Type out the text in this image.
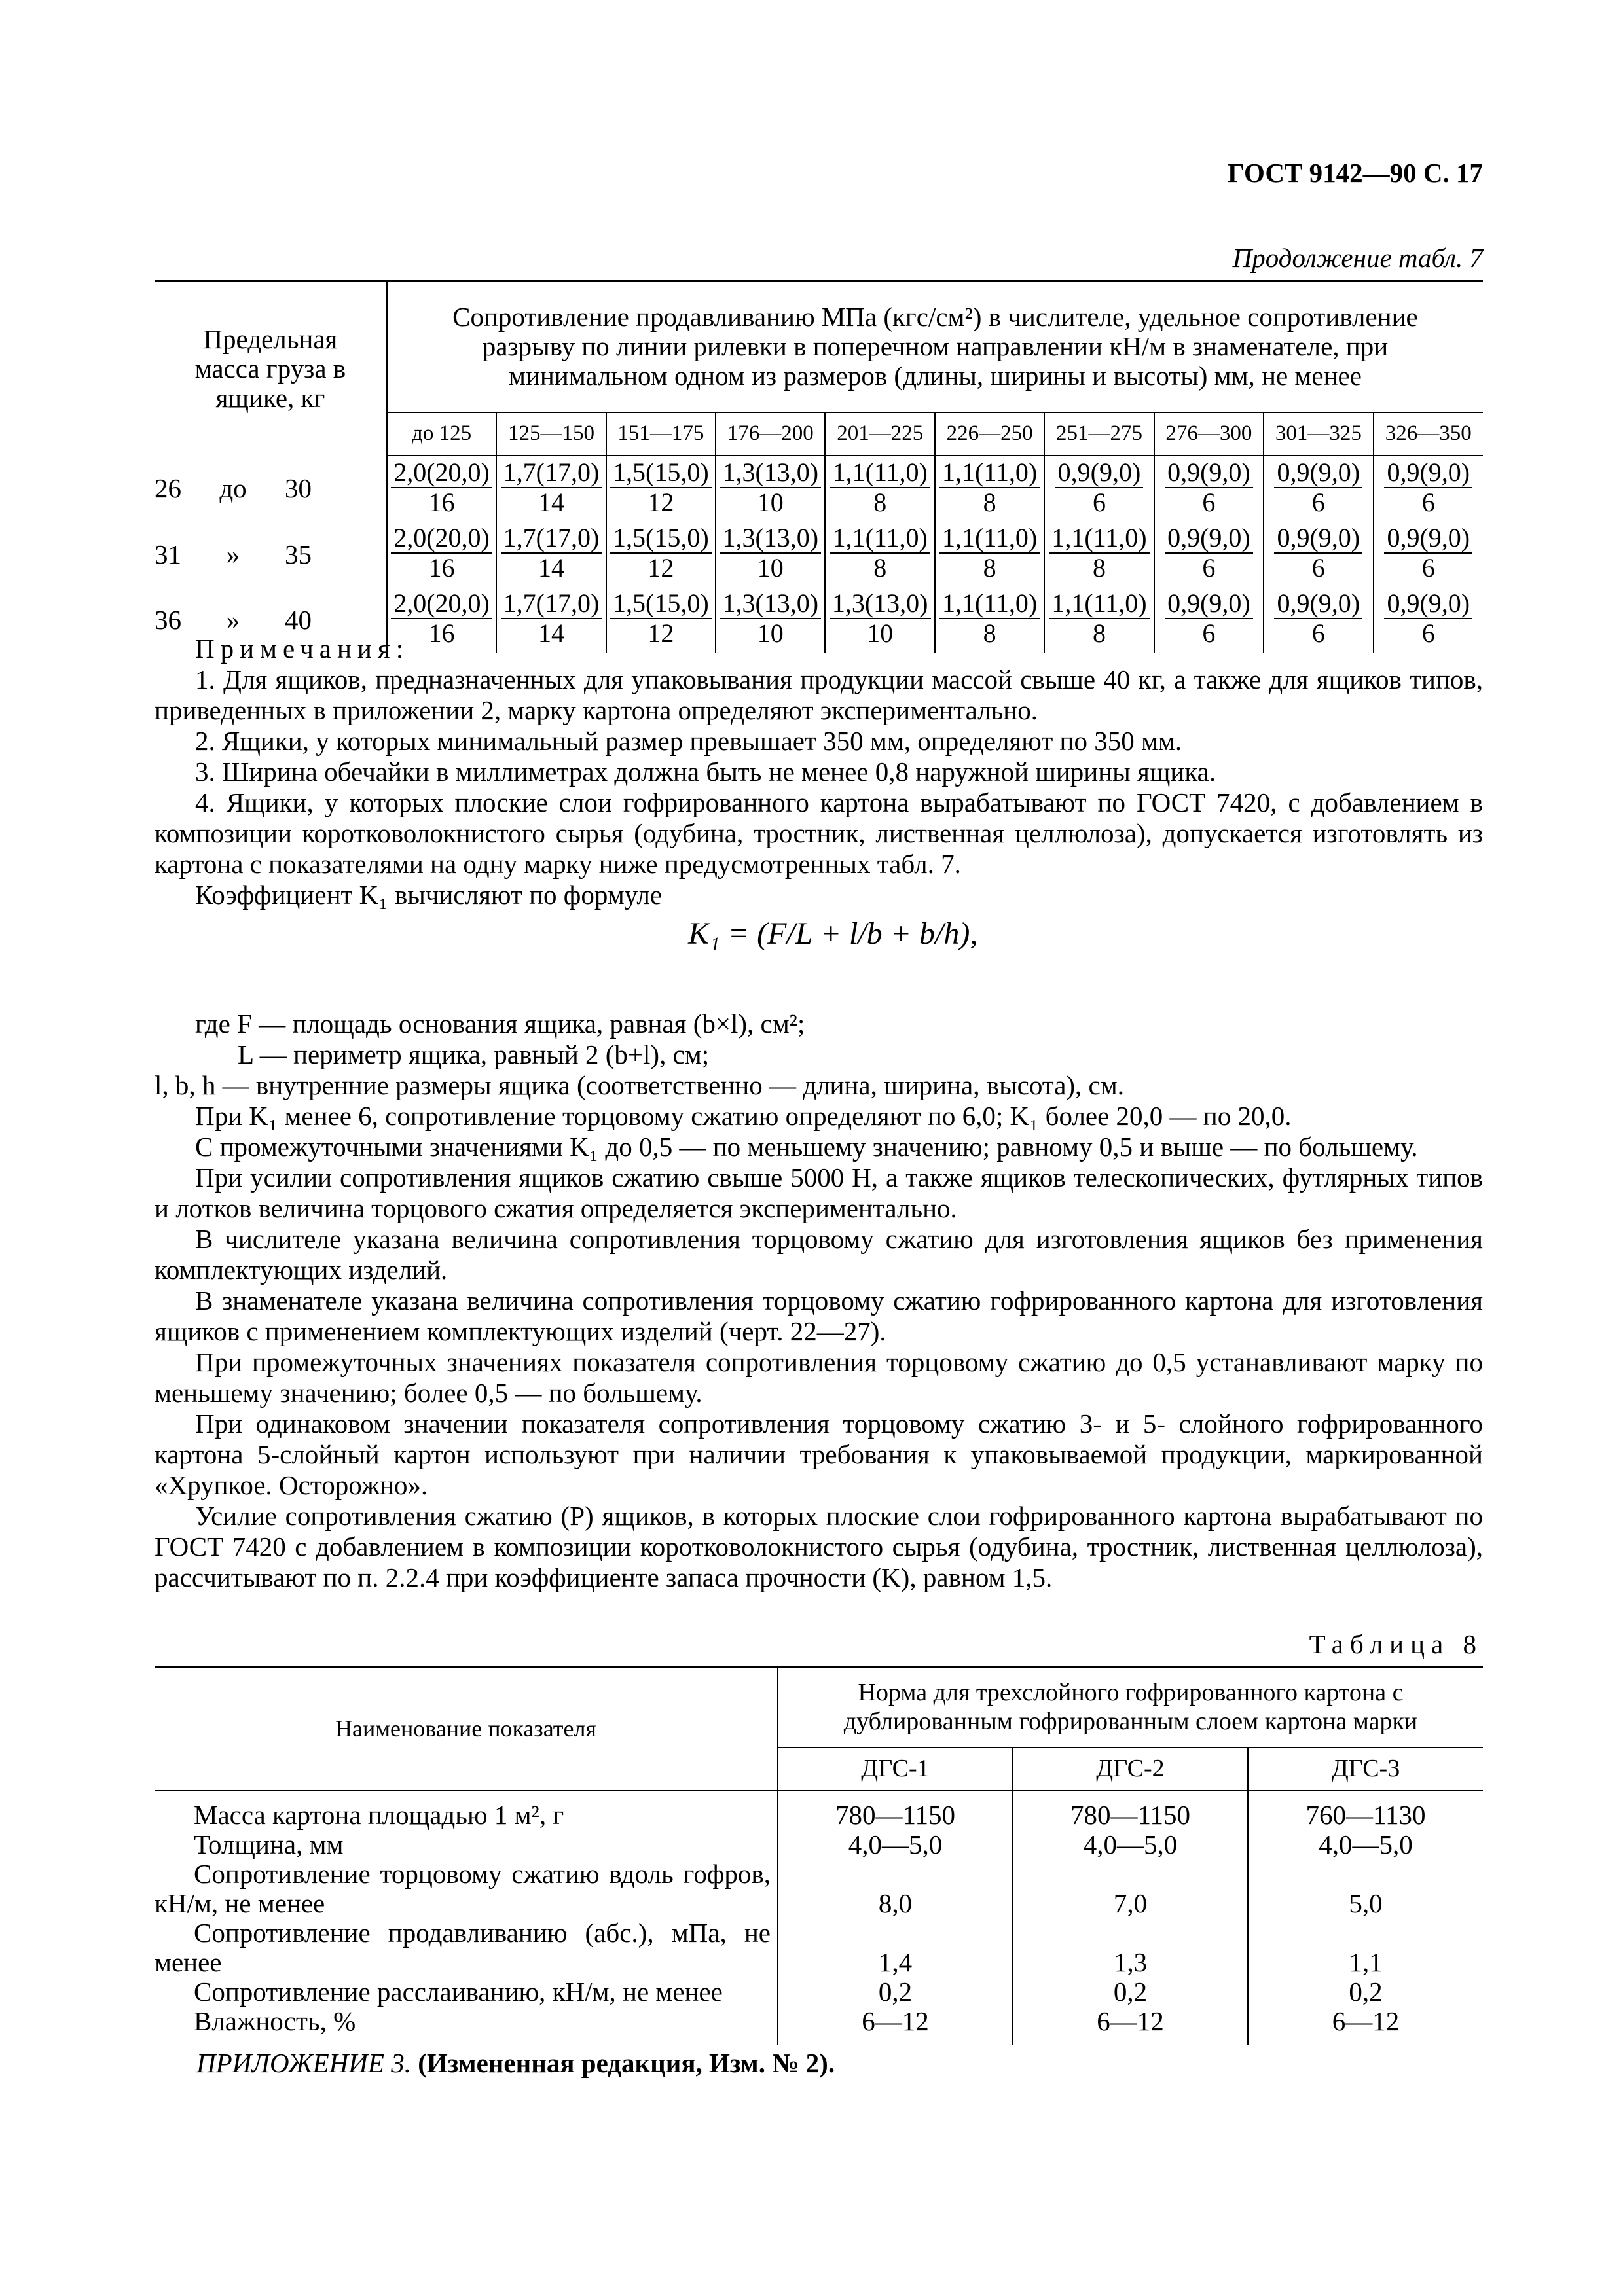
ГОСТ 9142—90 С. 17
Продолжение табл. 7
Предельная масса груза в ящике, кг	Сопротивление продавливанию МПа (кгс/см²) в числителе, удельное сопротивление разрыву по линии рилевки в поперечном направлении кН/м в знаменателе, при минимальном одном из размеров (длины, ширины и высоты) мм, не менее									
	до 125	125—150	151—175	176—200	201—225	226—250	251—275	276—300	301—325	326—350
26 до 30	$\frac{2,0(20,0)}{16}$	$\frac{1,7(17,0)}{14}$	$\frac{1,5(15,0)}{12}$	$\frac{1,3(13,0)}{10}$	$\frac{1,1(11,0)}{8}$	$\frac{1,1(11,0)}{8}$	$\frac{0,9(9,0)}{6}$	$\frac{0,9(9,0)}{6}$	$\frac{0,9(9,0)}{6}$	$\frac{0,9(9,0)}{6}$

31 » 35	$\frac{2,0(20,0)}{16}$	$\frac{1,7(17,0)}{14}$	$\frac{1,5(15,0)}{12}$	$\frac{1,3(13,0)}{10}$	$\frac{1,1(11,0)}{8}$	$\frac{1,1(11,0)}{8}$	$\frac{1,1(11,0)}{8}$	$\frac{0,9(9,0)}{6}$	$\frac{0,9(9,0)}{6}$	$\frac{0,9(9,0)}{6}$

36 » 40	$\frac{2,0(20,0)}{16}$	$\frac{1,7(17,0)}{14}$	$\frac{1,5(15,0)}{12}$	$\frac{1,3(13,0)}{10}$	$\frac{1,3(13,0)}{10}$	$\frac{1,1(11,0)}{8}$	$\frac{1,1(11,0)}{8}$	$\frac{0,9(9,0)}{6}$	$\frac{0,9(9,0)}{6}$	$\frac{0,9(9,0)}{6}$

Примечания:

1. Для ящиков, предназначенных для упаковывания продукции массой свыше 40 кг, а также для ящиков типов, приведенных в приложении 2, марку картона определяют экспериментально.

2. Ящики, у которых минимальный размер превышает 350 мм, определяют по 350 мм.

3. Ширина обечайки в миллиметрах должна быть не менее 0,8 наружной ширины ящика.

4. Ящики, у которых плоские слои гофрированного картона вырабатывают по ГОСТ 7420, с добавлением в композиции коротковолокнистого сырья (одубина, тростник, лиственная целлюлоза), допускается изготовлять из картона с показателями на одну марку ниже предусмотренных табл. 7.

Коэффициент K₁ вычисляют по формуле

K₁ = (F/L + l/b + b/h),

где F — площадь основания ящика, равная (b×l), см²;

L — периметр ящика, равный 2 (b+l), см;

l, b, h — внутренние размеры ящика (соответственно — длина, ширина, высота), см.

При K₁ менее 6, сопротивление торцовому сжатию определяют по 6,0; K₁ более 20,0 — по 20,0.

С промежуточными значениями K₁ до 0,5 — по меньшему значению; равному 0,5 и выше — по большему.

При усилии сопротивления ящиков сжатию свыше 5000 Н, а также ящиков телескопических, футлярных типов и лотков величина торцового сжатия определяется экспериментально.

В числителе указана величина сопротивления торцовому сжатию для изготовления ящиков без применения комплектующих изделий.

В знаменателе указана величина сопротивления торцовому сжатию гофрированного картона для изготовления ящиков с применением комплектующих изделий (черт. 22—27).

При промежуточных значениях показателя сопротивления торцовому сжатию до 0,5 устанавливают марку по меньшему значению; более 0,5 — по большему.

При одинаковом значении показателя сопротивления торцовому сжатию 3- и 5- слойного гофрированного картона 5-слойный картон используют при наличии требования к упаковываемой продукции, маркированной «Хрупкое. Осторожно».

Усилие сопротивления сжатию (P) ящиков, в которых плоские слои гофрированного картона вырабатывают по ГОСТ 7420 с добавлением в композиции коротковолокнистого сырья (одубина, тростник, лиственная целлюлоза), рассчитывают по п. 2.2.4 при коэффициенте запаса прочности (K), равном 1,5.

Таблица 8
Наименование показателя	Норма для трехслойного гофрированного картона с дублированным гофрированным слоем картона марки		
	ДГС-1	ДГС-2	ДГС-3
Масса картона площадью 1 м², г	780—1150	780—1150	760—1130
Толщина, мм	4,0—5,0	4,0—5,0	4,0—5,0
Сопротивление торцовому сжатию вдоль гофров, кН/м, не менее	8,0	7,0	5,0
Сопротивление продавливанию (абс.), мПа, не менее	1,4	1,3	1,1
Сопротивление расслаиванию, кН/м, не менее	0,2	0,2	0,2
Влажность, %	6—12	6—12	6—12
ПРИЛОЖЕНИЕ 3. (Измененная редакция, Изм. № 2).
